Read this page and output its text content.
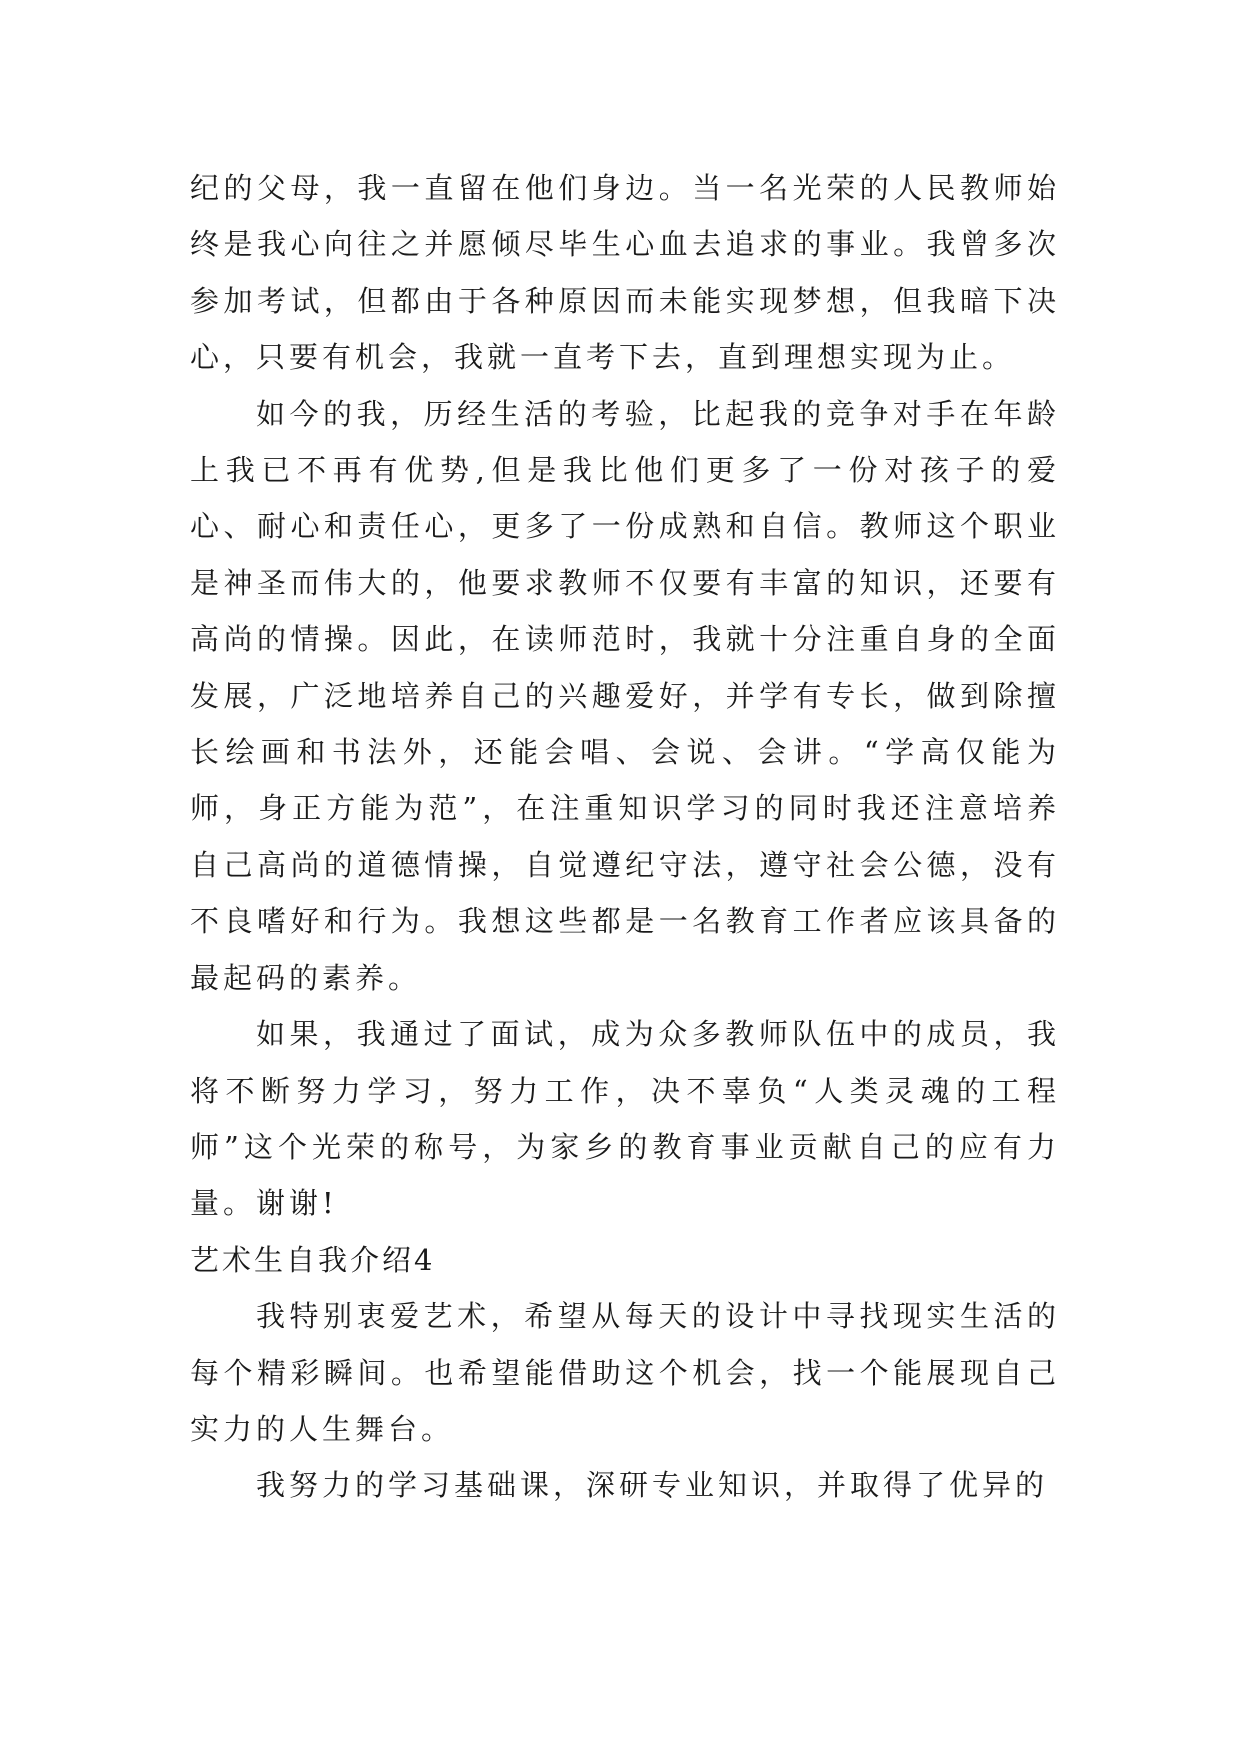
纪的父母，我一直留在他们身边。当一名光荣的人民教师始终是我心向往之并愿倾尽毕生心血去追求的事业。我曾多次参加考试，但都由于各种原因而未能实现梦想，但我暗下决心，只要有机会，我就一直考下去，直到理想实现为止。

如今的我，历经生活的考验，比起我的竞争对手在年龄上我已不再有优势,但是我比他们更多了一份对孩子的爱心、耐心和责任心，更多了一份成熟和自信。教师这个职业是神圣而伟大的，他要求教师不仅要有丰富的知识，还要有高尚的情操。因此，在读师范时，我就十分注重自身的全面发展，广泛地培养自己的兴趣爱好，并学有专长，做到除擅长绘画和书法外，还能会唱、会说、会讲。“学高仅能为师，身正方能为范”，在注重知识学习的同时我还注意培养自己高尚的道德情操，自觉遵纪守法，遵守社会公德，没有不良嗜好和行为。我想这些都是一名教育工作者应该具备的最起码的素养。

如果，我通过了面试，成为众多教师队伍中的成员，我将不断努力学习，努力工作，决不辜负“人类灵魂的工程师”这个光荣的称号，为家乡的教育事业贡献自己的应有力量。谢谢!

艺术生自我介绍4

我特别衷爱艺术，希望从每天的设计中寻找现实生活的每个精彩瞬间。也希望能借助这个机会，找一个能展现自己实力的人生舞台。

我努力的学习基础课，深研专业知识，并取得了优异的
